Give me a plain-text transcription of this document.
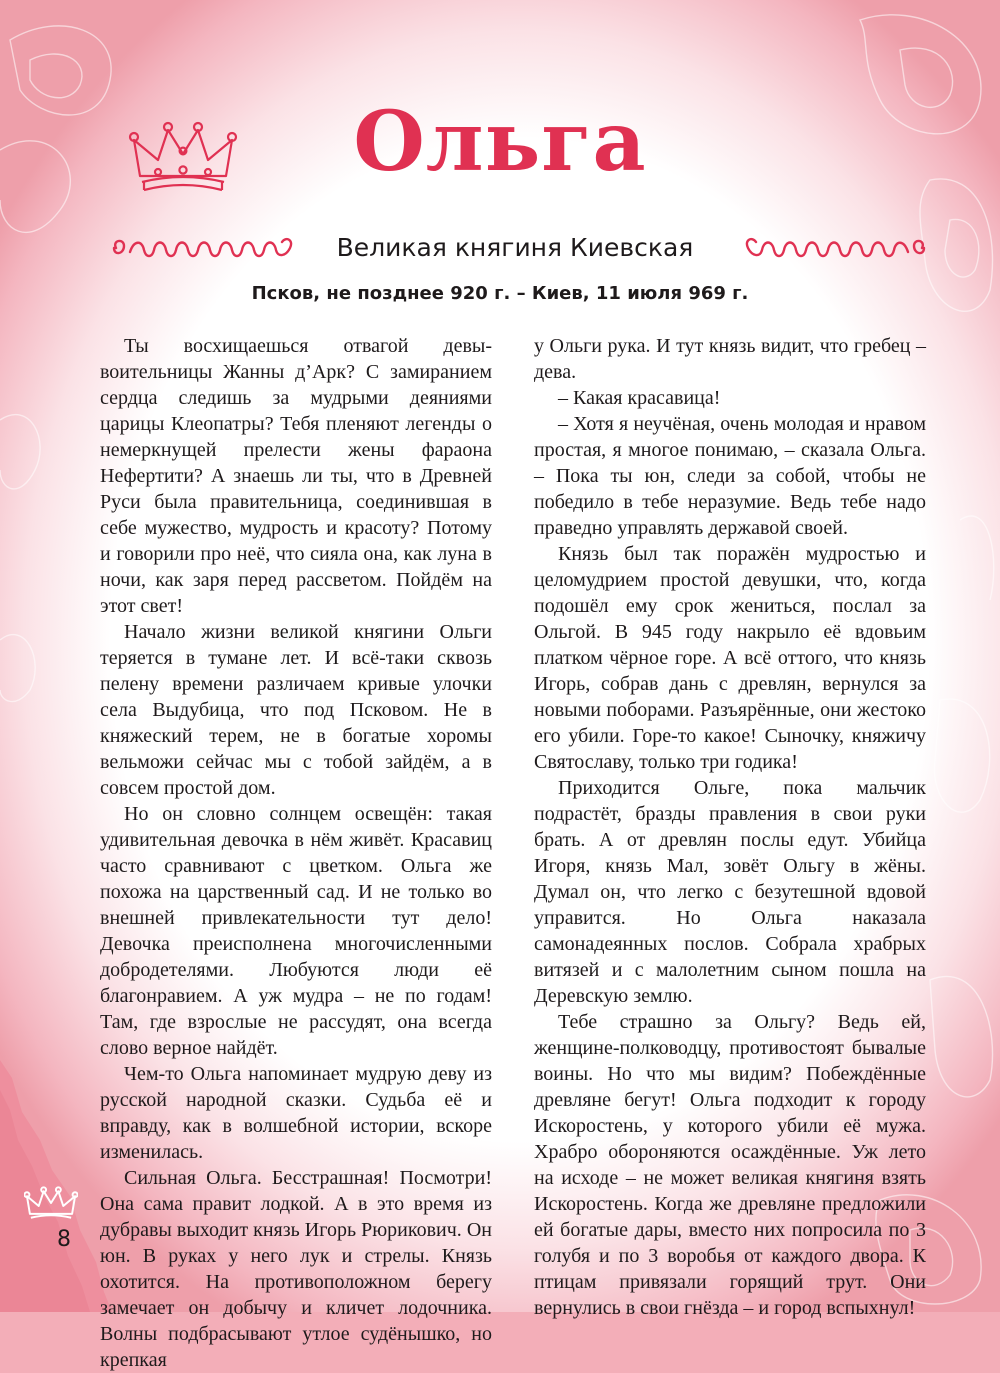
Ольга
Великая княгиня Киевская
Псков, не позднее 920 г. – Киев, 11 июля 969 г.

Ты восхищаешься отвагой девы-воительницы Жанны д’Арк? С замиранием сердца следишь за мудрыми деяниями царицы Клеопатры? Тебя пленяют легенды о немеркнущей прелести жены фараона Нефертити? А знаешь ли ты, что в Древней Руси была правительница, соединившая в себе мужество, мудрость и красоту? Потому и говорили про неё, что сияла она, как луна в ночи, как заря перед рассветом. Пойдём на этот свет!

Начало жизни великой княгини Ольги теряется в тумане лет. И всё-таки сквозь пелену времени различаем кривые улочки села Выдубица, что под Псковом. Не в княжеский терем, не в богатые хоромы вельможи сейчас мы с тобой зайдём, а в совсем простой дом.

Но он словно солнцем освещён: такая удивительная девочка в нём живёт. Красавиц часто сравнивают с цветком. Ольга же похожа на царственный сад. И не только во внешней привлекательности тут дело! Девочка преисполнена многочисленными добродетелями. Любуются люди её благонравием. А уж мудра – не по годам! Там, где взрослые не рассудят, она всегда слово верное найдёт.

Чем-то Ольга напоминает мудрую деву из русской народной сказки. Судьба её и вправду, как в волшебной истории, вскоре изменилась.

Сильная Ольга. Бесстрашная! Посмотри! Она сама правит лодкой. А в это время из дубравы выходит князь Игорь Рюрикович. Он юн. В руках у него лук и стрелы. Князь охотится. На противоположном берегу замечает он добычу и кличет лодочника. Волны подбрасывают утлое судёнышко, но крепкая

у Ольги рука. И тут князь видит, что гребец – дева.

– Какая красавица!

– Хотя я неучёная, очень молодая и нравом простая, я многое понимаю, – сказала Ольга. – Пока ты юн, следи за собой, чтобы не победило в тебе неразумие. Ведь тебе надо праведно управлять державой своей.

Князь был так поражён мудростью и целомудрием простой девушки, что, когда подошёл ему срок жениться, послал за Ольгой. В 945 году накрыло её вдовьим платком чёрное горе. А всё оттого, что князь Игорь, собрав дань с древлян, вернулся за новыми поборами. Разъярённые, они жестоко его убили. Горе-то какое! Сыночку, княжичу Святославу, только три годика!

Приходится Ольге, пока мальчик подрастёт, бразды правления в свои руки брать. А от древлян послы едут. Убийца Игоря, князь Мал, зовёт Ольгу в жёны. Думал он, что легко с безутешной вдовой управится. Но Ольга наказала самонадеянных послов. Собрала храбрых витязей и с малолетним сыном пошла на Деревскую землю.

Тебе страшно за Ольгу? Ведь ей, женщине-полководцу, противостоят бывалые воины. Но что мы видим? Побеждённые древляне бегут! Ольга подходит к городу Искоростень, у которого убили её мужа. Храбро обороняются осаждённые. Уж лето на исходе – не может великая княгиня взять Искоростень. Когда же древляне предложили ей богатые дары, вместо них попросила по 3 голубя и по 3 воробья от каждого двора. К птицам привязали горящий трут. Они вернулись в свои гнёзда – и город вспыхнул!

8
